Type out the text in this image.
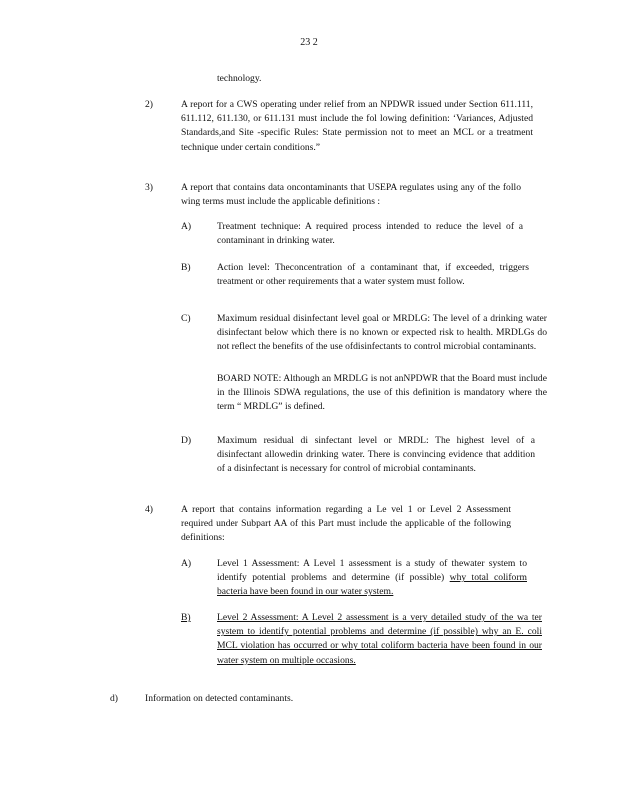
23 2
technology.
2)	A report for a CWS operating under relief from an NPDWR issued under Section 611.111, 611.112, 611.130, or 611.131 must include the fol lowing definition: ‘Variances, Adjusted Standards,and Site -specific Rules: State permission not to meet an MCL or a treatment technique under certain conditions.”
3)	A report that contains data oncontaminants that USEPA regulates using any of the follo wing terms must include the applicable definitions :
A)	Treatment technique: A required process intended to reduce the level of a contaminant in drinking water.
B)	Action level: Theconcentration of a contaminant that, if exceeded, triggers treatment or other requirements that a water system must follow.
C)	Maximum residual disinfectant level goal or MRDLG: The level of a drinking water disinfectant below which there is no known or expected risk to health. MRDLGs do not reflect the benefits of the use ofdisinfectants to control microbial contaminants.
BOARD NOTE: Although an MRDLG is not anNPDWR that the Board must include in the Illinois SDWA regulations, the use of this definition is mandatory where the term “ MRDLG” is defined.
D)	Maximum residual di sinfectant level or MRDL: The highest level of a disinfectant allowedin drinking water. There is convincing evidence that addition of a disinfectant is necessary for control of microbial contaminants.
4)	A report that contains information regarding a Le vel 1 or Level 2 Assessment required under Subpart AA of this Part must include the applicable of the following definitions:
A)	Level 1 Assessment: A Level 1 assessment is a study of thewater system to identify potential problems and determine (if possible) why total coliform bacteria have been found in our water system.
B)	Level 2 Assessment: A Level 2 assessment is a very detailed study of the wa ter system to identify potential problems and determine (if possible) why an E. coli MCL violation has occurred or why total coliform bacteria have been found in our water system on multiple occasions.
d)	Information on detected contaminants.
